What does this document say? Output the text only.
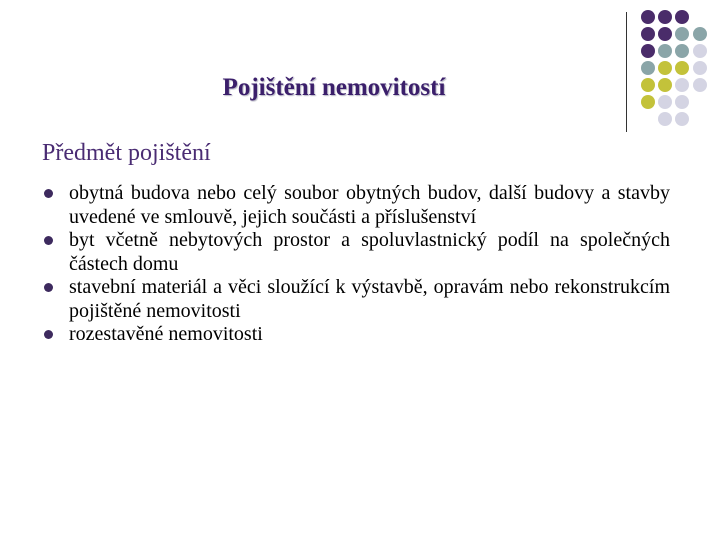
Pojištění nemovitostí
Předmět pojištění
obytná budova nebo celý soubor obytných budov, další budovy a stavby uvedené ve smlouvě, jejich součásti a příslušenství
byt včetně nebytových prostor a spoluvlastnický podíl na společných částech domu
stavební materiál a věci sloužící k výstavbě, opravám nebo rekonstrukcím pojištěné nemovitosti
rozestavěné nemovitosti
